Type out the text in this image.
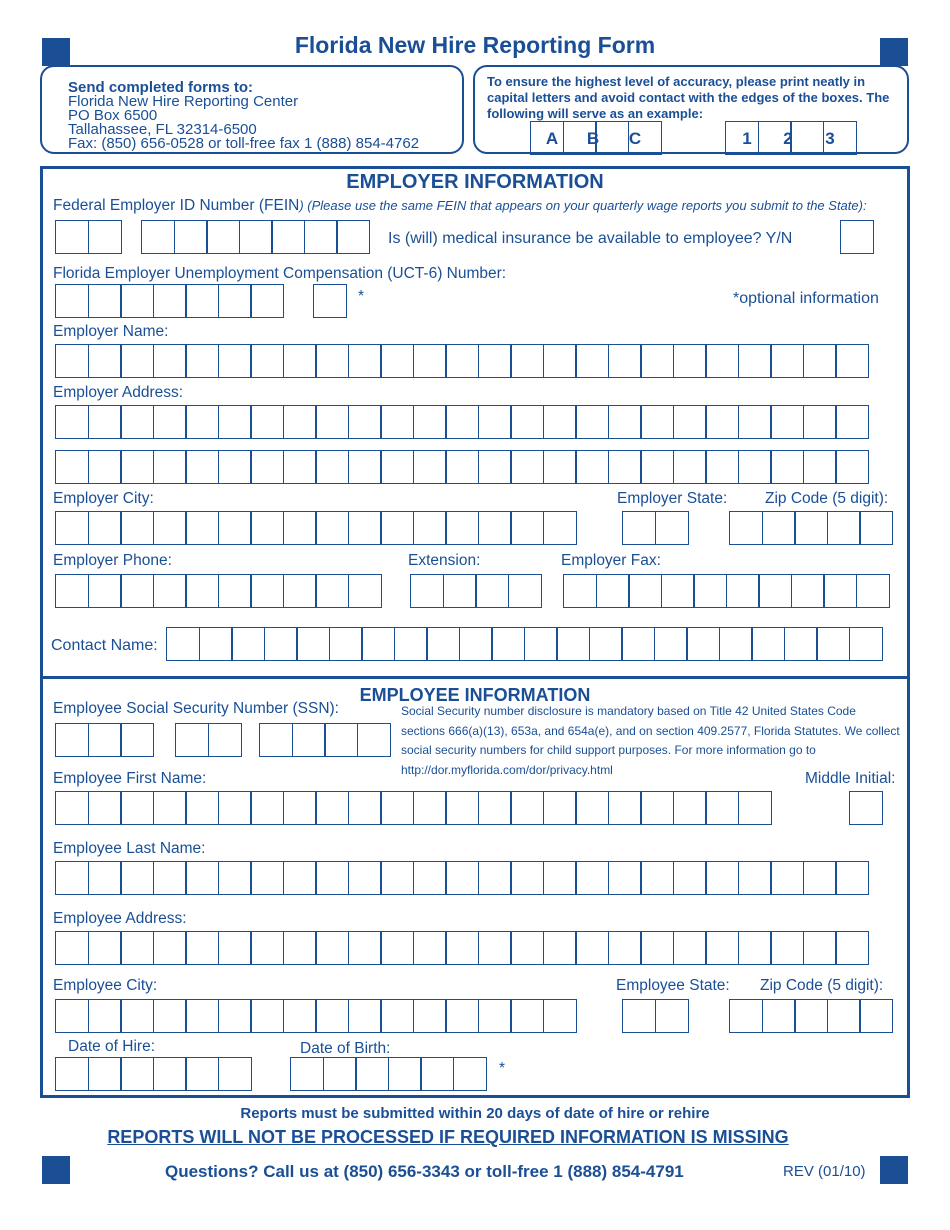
Florida New Hire Reporting Form
Send completed forms to:
Florida New Hire Reporting Center
PO Box 6500
Tallahassee, FL 32314-6500
Fax: (850) 656-0528 or toll-free fax 1 (888) 854-4762
To ensure the highest level of accuracy, please print neatly in capital letters and avoid contact with the edges of the boxes. The following will serve as an example:
A	B	C	1	2	3
EMPLOYER INFORMATION
Federal Employer ID Number (FEIN) (Please use the same FEIN that appears on your quarterly wage reports you submit to the State):
Is (will) medical insurance be available to employee? Y/N
Florida Employer Unemployment Compensation (UCT-6) Number:
*	*optional information
Employer Name:
Employer Address:
Employer City:	Employer State: Zip Code (5 digit):
Employer Phone:	Extension:	Employer Fax:
Contact Name:
EMPLOYEE INFORMATION
Employee Social Security Number (SSN):	Social Security number disclosure is mandatory based on Title 42 United States Code sections 666(a)(13), 653a, and 654a(e), and on section 409.2577, Florida Statutes. We collect social security numbers for child support purposes. For more information go to http://dor.myflorida.com/dor/privacy.html
Employee First Name:	Middle Initial:
Employee Last Name:
Employee Address:
Employee City:	Employee State: Zip Code (5 digit):
Date of Hire:	Date of Birth:
*
Reports must be submitted within 20 days of date of hire or rehire
REPORTS WILL NOT BE PROCESSED IF REQUIRED INFORMATION IS MISSING
Questions? Call us at (850) 656-3343 or toll-free 1 (888) 854-4791	REV (01/10)
